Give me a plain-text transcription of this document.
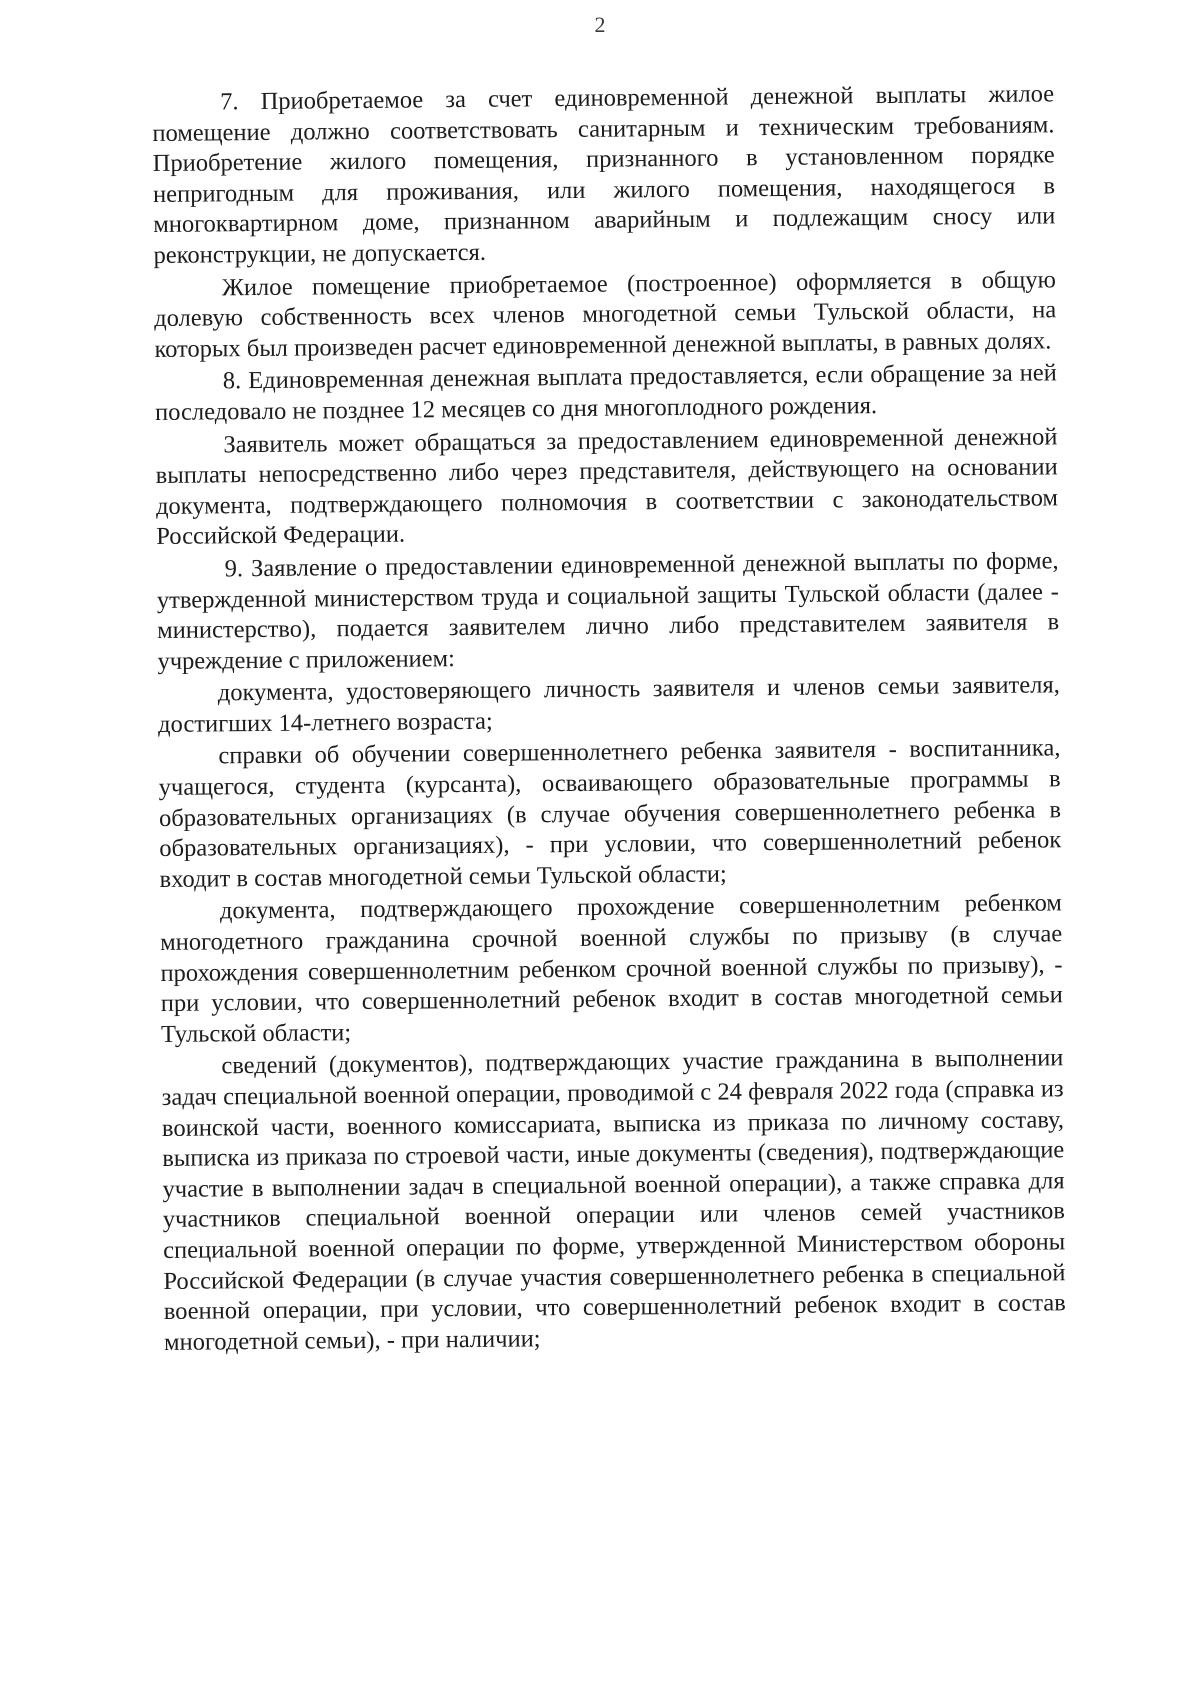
2

7. Приобретаемое за счет единовременной денежной выплаты жилое помещение должно соответствовать санитарным и техническим требованиям. Приобретение жилого помещения, признанного в установленном порядке непригодным для проживания, или жилого помещения, находящегося в многоквартирном доме, признанном аварийным и подлежащим сносу или реконструкции, не допускается.

Жилое помещение приобретаемое (построенное) оформляется в общую долевую собственность всех членов многодетной семьи Тульской области, на которых был произведен расчет единовременной денежной выплаты, в равных долях.

8. Единовременная денежная выплата предоставляется, если обращение за ней последовало не позднее 12 месяцев со дня многоплодного рождения.

Заявитель может обращаться за предоставлением единовременной денежной выплаты непосредственно либо через представителя, действующего на основании документа, подтверждающего полномочия в соответствии с законодательством Российской Федерации.

9. Заявление о предоставлении единовременной денежной выплаты по форме, утвержденной министерством труда и социальной защиты Тульской области (далее - министерство), подается заявителем лично либо представителем заявителя в учреждение с приложением:

документа, удостоверяющего личность заявителя и членов семьи заявителя, достигших 14-летнего возраста;

справки об обучении совершеннолетнего ребенка заявителя - воспитанника, учащегося, студента (курсанта), осваивающего образовательные программы в образовательных организациях (в случае обучения совершеннолетнего ребенка в образовательных организациях), - при условии, что совершеннолетний ребенок входит в состав многодетной семьи Тульской области;

документа, подтверждающего прохождение совершеннолетним ребенком многодетного гражданина срочной военной службы по призыву (в случае прохождения совершеннолетним ребенком срочной военной службы по призыву), - при условии, что совершеннолетний ребенок входит в состав многодетной семьи Тульской области;

сведений (документов), подтверждающих участие гражданина в выполнении задач специальной военной операции, проводимой с 24 февраля 2022 года (справка из воинской части, военного комиссариата, выписка из приказа по личному составу, выписка из приказа по строевой части, иные документы (сведения), подтверждающие участие в выполнении задач в специальной военной операции), а также справка для участников специальной военной операции или членов семей участников специальной военной операции по форме, утвержденной Министерством обороны Российской Федерации (в случае участия совершеннолетнего ребенка в специальной военной операции, при условии, что совершеннолетний ребенок входит в состав многодетной семьи), - при наличии;
